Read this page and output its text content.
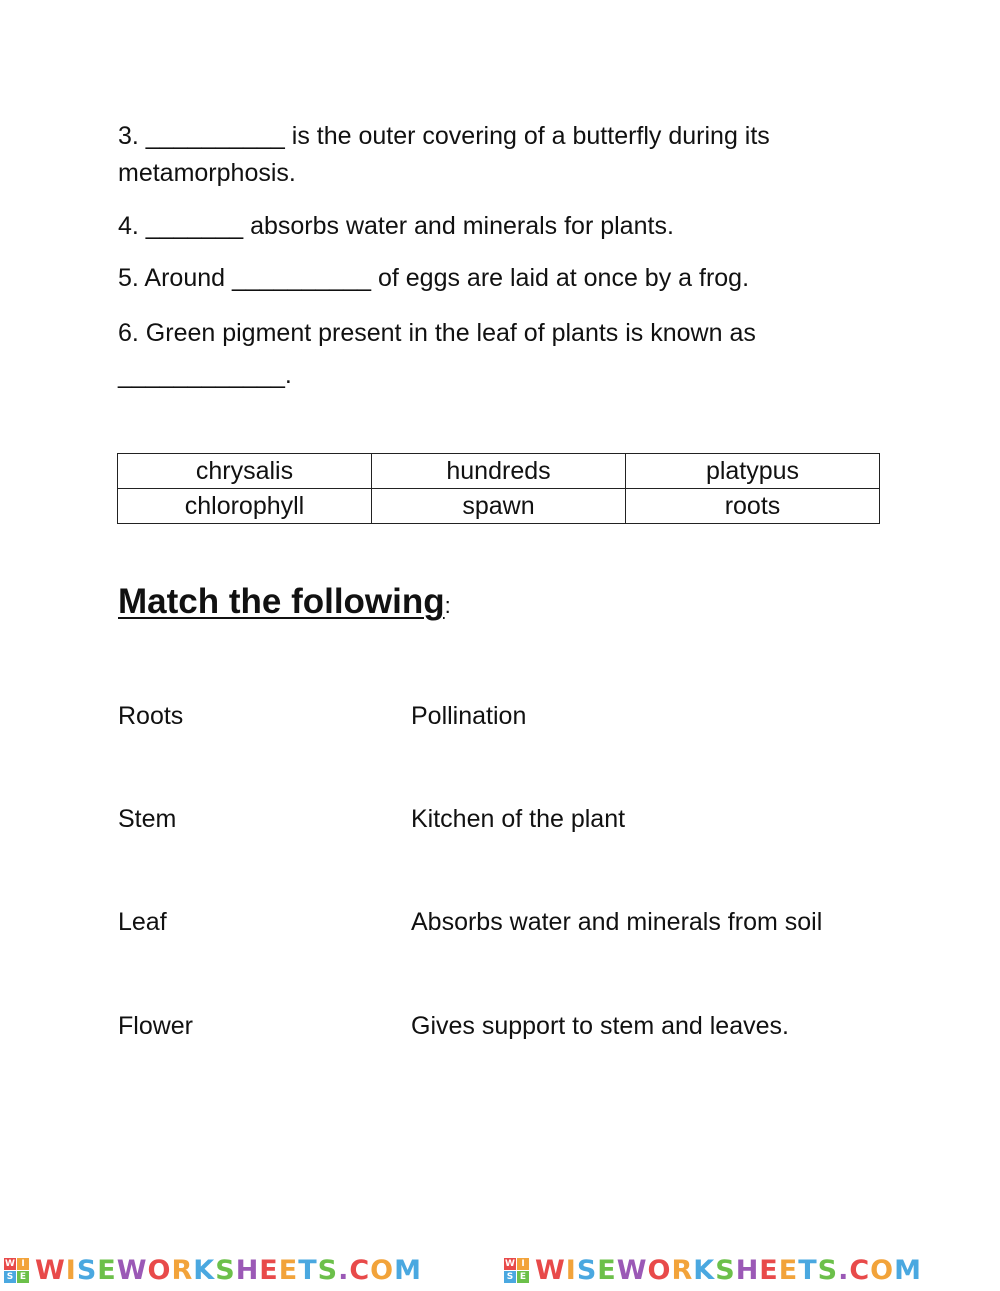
3. __________ is the outer covering of a butterfly during its metamorphosis.

4. _______ absorbs water and minerals for plants.

5. Around __________ of eggs are laid at once by a frog.

6. Green pigment present in the leaf of plants is known as ____________.

chrysalis	hundreds	platypus
chlorophyll	spawn	roots
Match the following:

Roots	Pollination

Stem	Kitchen of the plant

Leaf	Absorbs water and minerals from soil

Flower	Gives support to stem and leaves.

W I
S E WISEWORKSHEETS.COM	W I
S E WISEWORKSHEETS.COM
